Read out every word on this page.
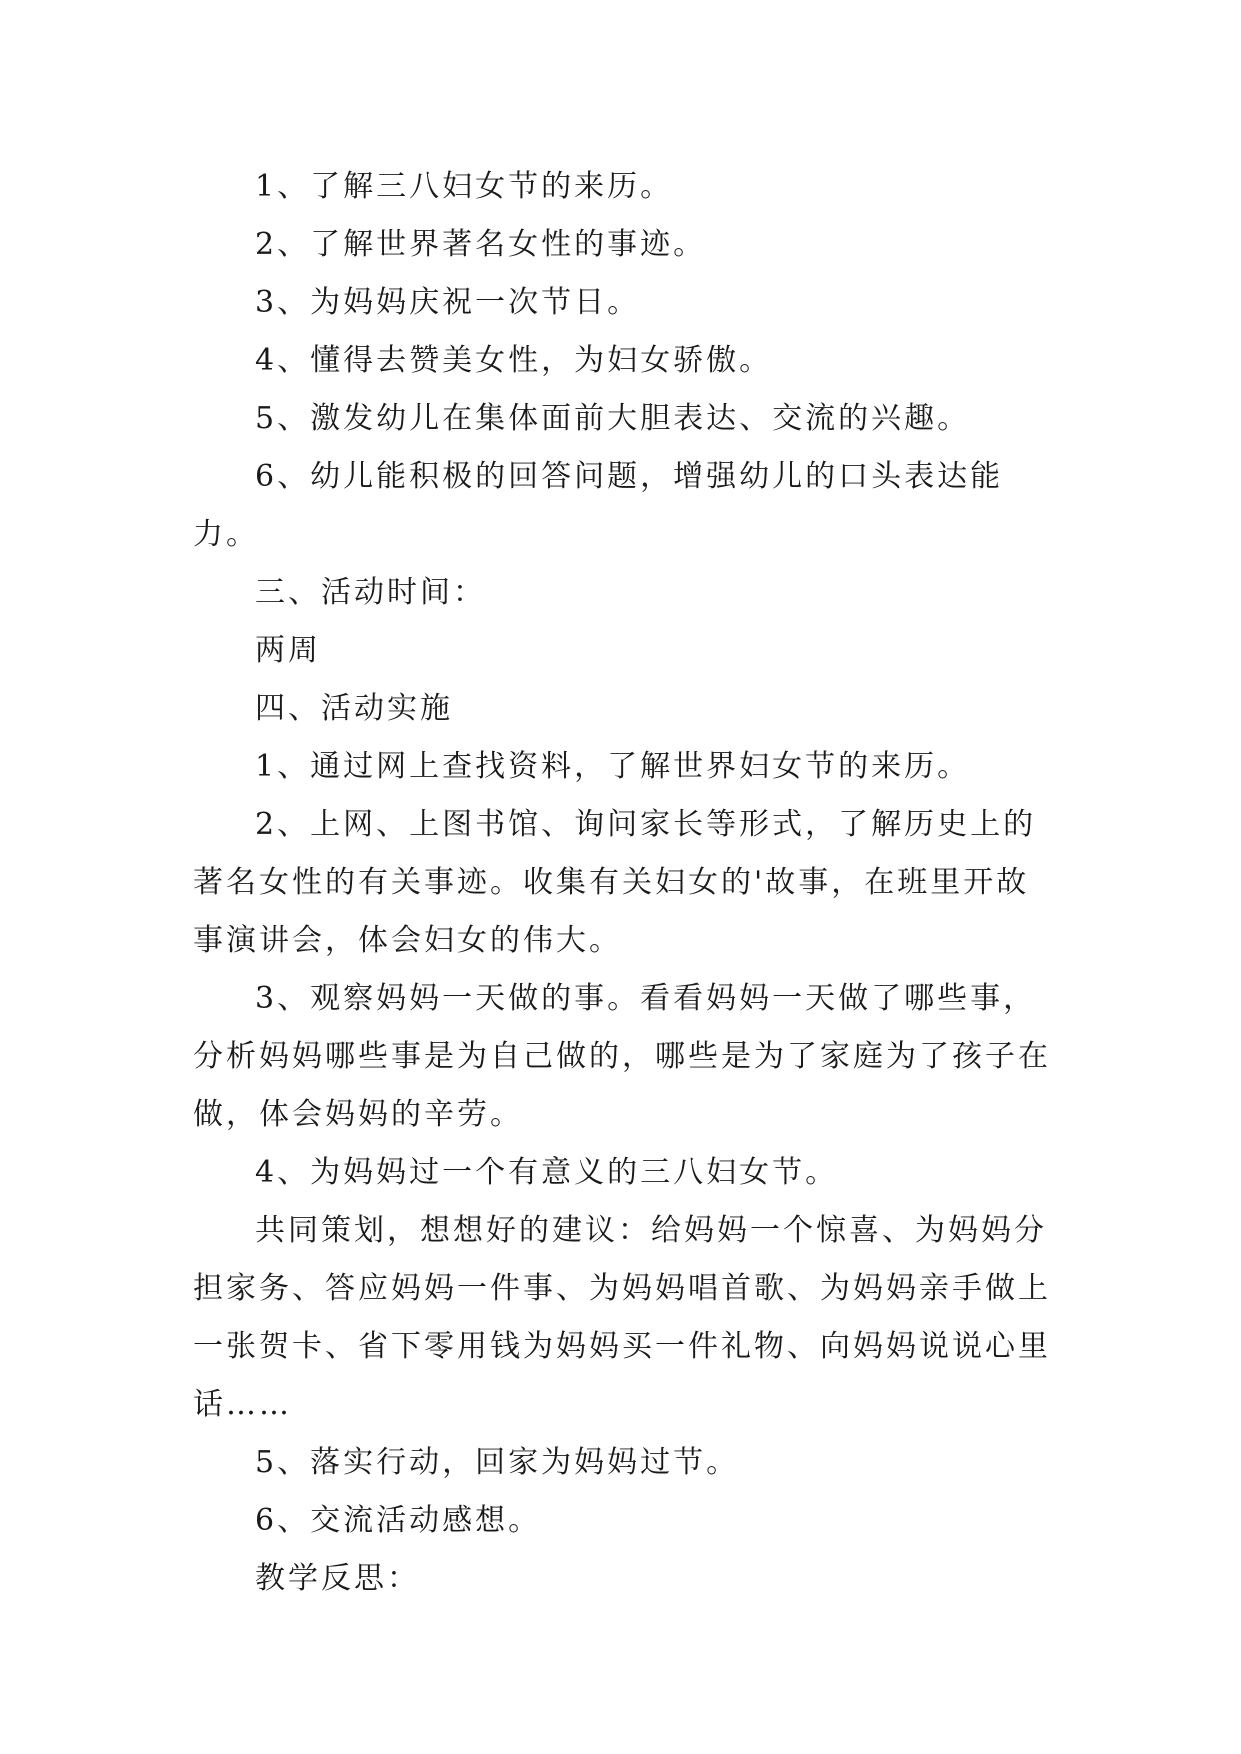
1、了解三八妇女节的来历。

2、了解世界著名女性的事迹。

3、为妈妈庆祝一次节日。

4、懂得去赞美女性，为妇女骄傲。

5、激发幼儿在集体面前大胆表达、交流的兴趣。

6、幼儿能积极的回答问题，增强幼儿的口头表达能力。

三、活动时间：

两周

四、活动实施

1、通过网上查找资料，了解世界妇女节的来历。

2、上网、上图书馆、询问家长等形式，了解历史上的著名女性的有关事迹。收集有关妇女的'故事，在班里开故事演讲会，体会妇女的伟大。

3、观察妈妈一天做的事。看看妈妈一天做了哪些事，分析妈妈哪些事是为自己做的，哪些是为了家庭为了孩子在做，体会妈妈的辛劳。

4、为妈妈过一个有意义的三八妇女节。

共同策划，想想好的建议：给妈妈一个惊喜、为妈妈分担家务、答应妈妈一件事、为妈妈唱首歌、为妈妈亲手做上一张贺卡、省下零用钱为妈妈买一件礼物、向妈妈说说心里话……

5、落实行动，回家为妈妈过节。

6、交流活动感想。

教学反思：
